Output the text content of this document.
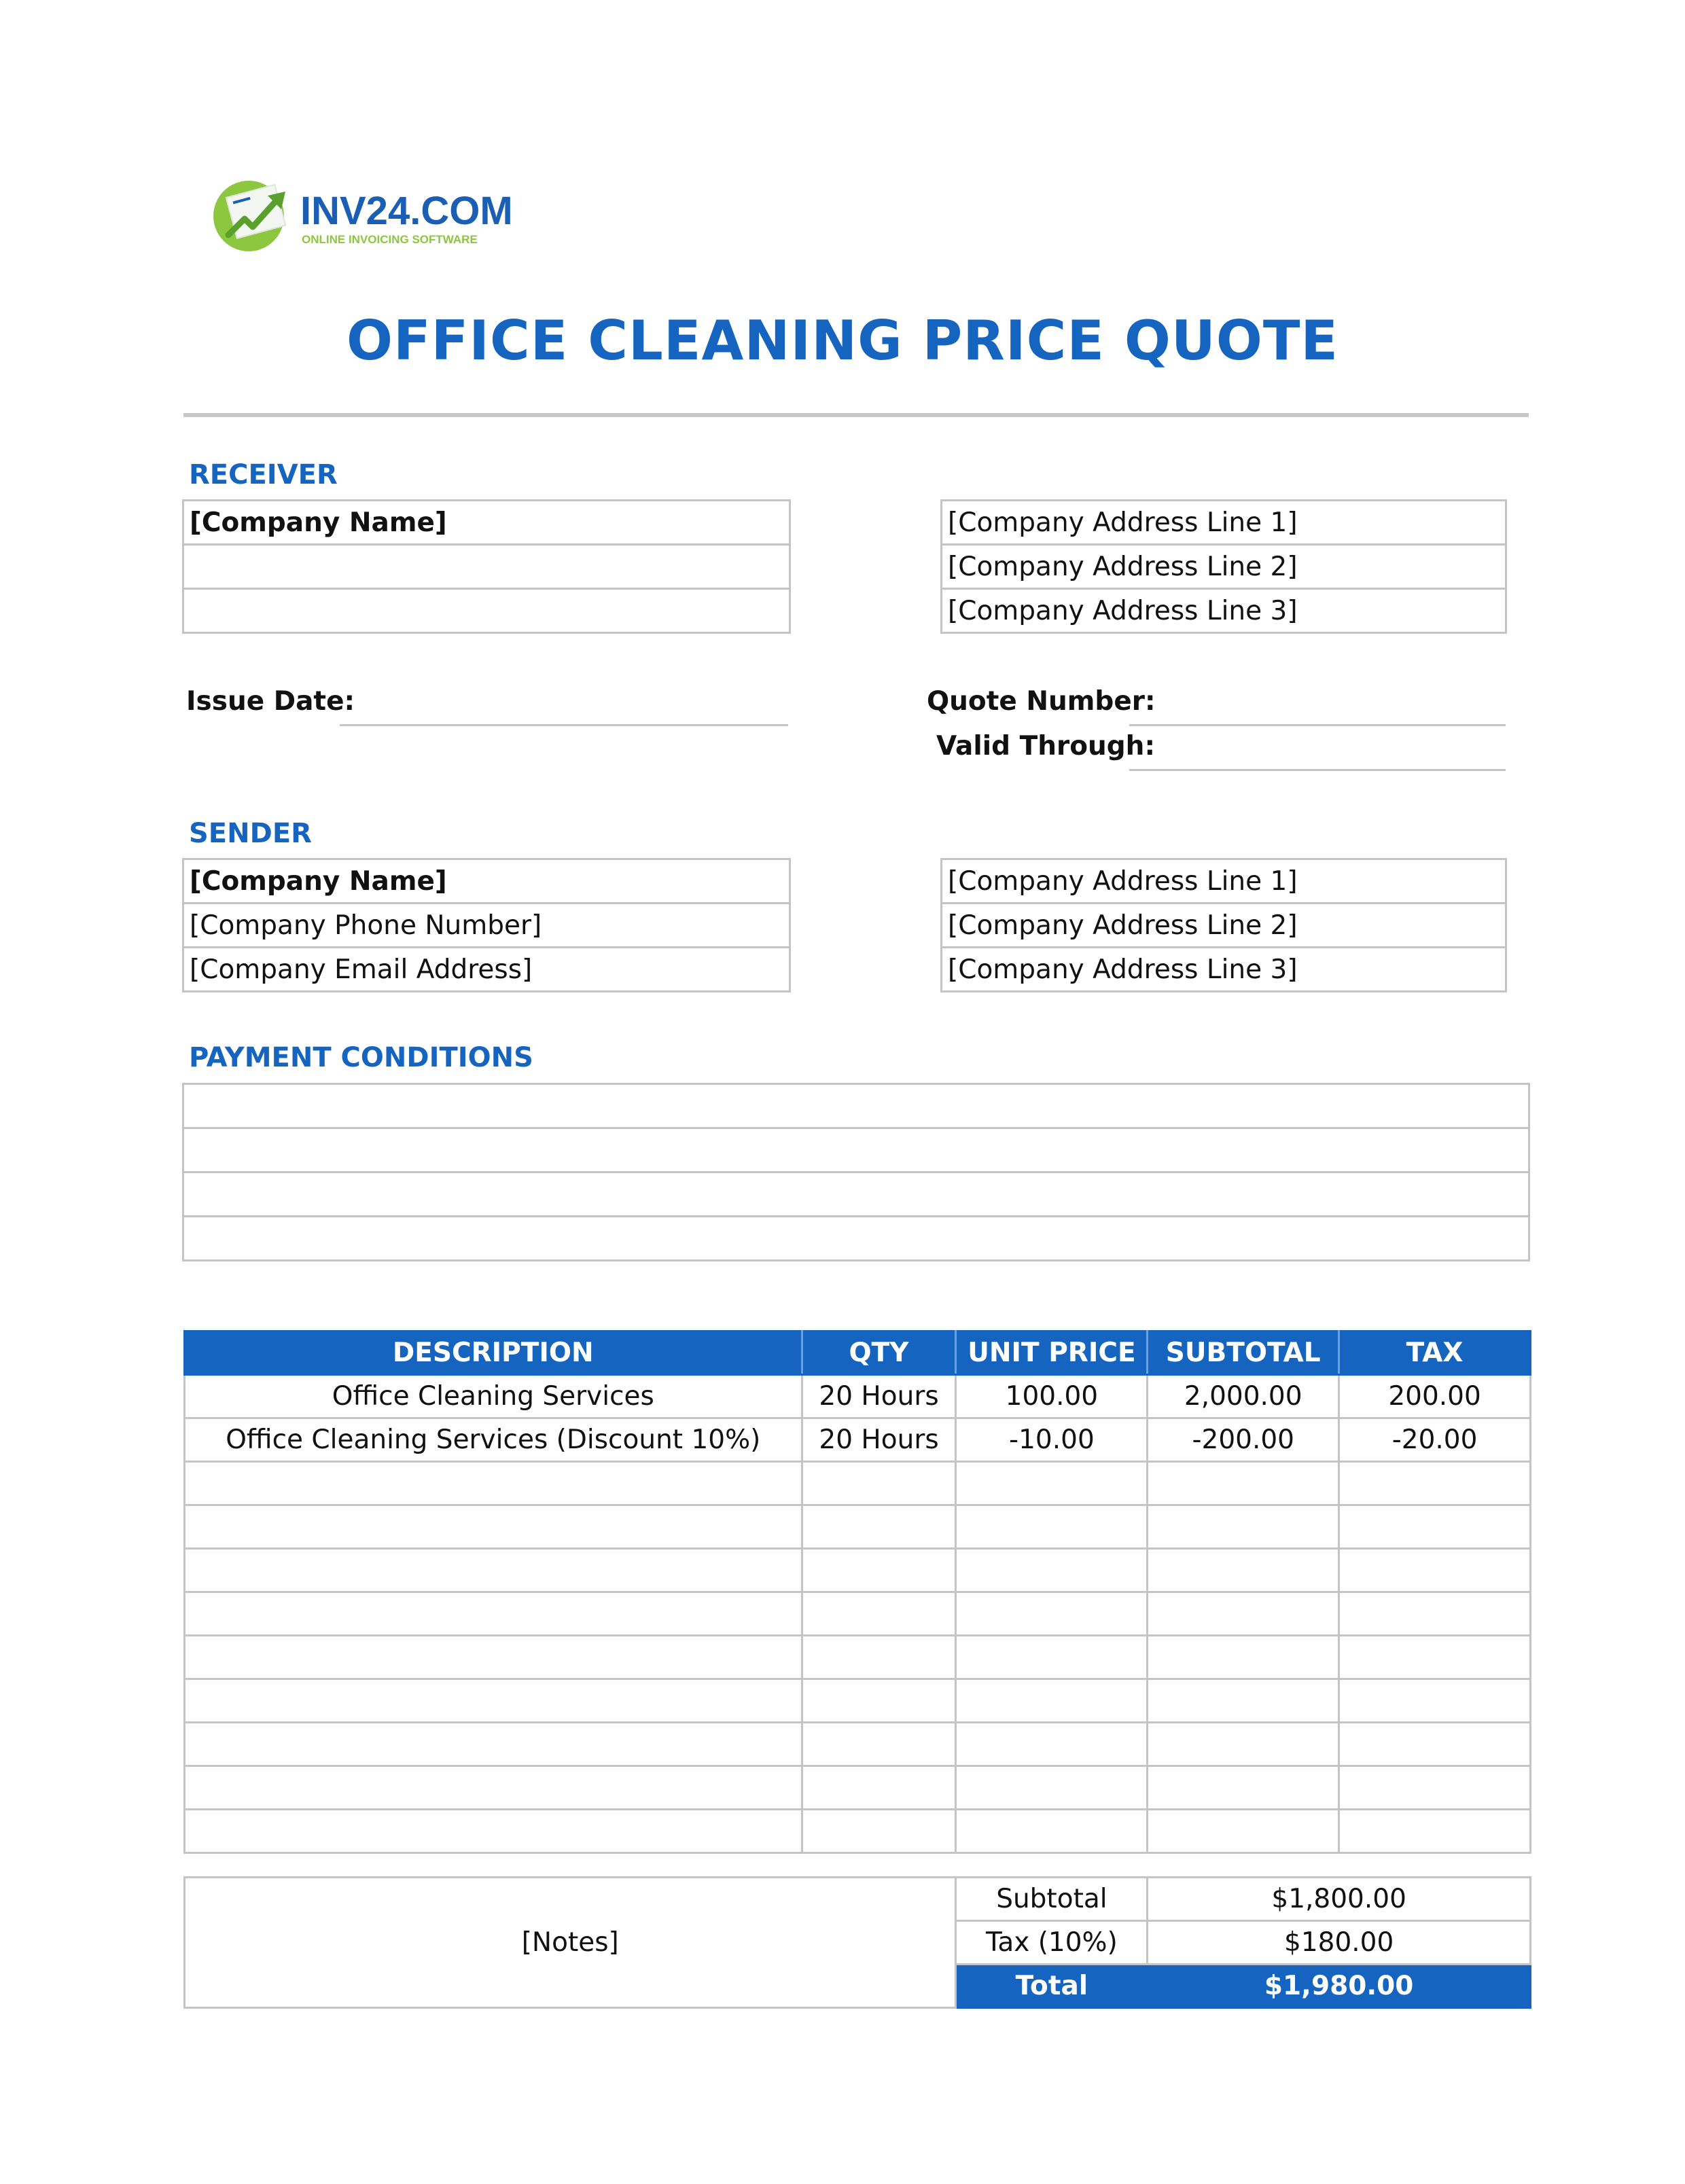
INV24.COM
ONLINE INVOICING SOFTWARE
OFFICE CLEANING PRICE QUOTE
RECEIVER
[Company Name]	[Company Address Line 1]
[Company Address Line 2]
[Company Address Line 3]
Issue Date:	Quote Number:
Valid Through:
SENDER
[Company Name]
[Company Phone Number]
[Company Email Address]
[Company Address Line 1]
[Company Address Line 2]
[Company Address Line 3]
PAYMENT CONDITIONS

DESCRIPTION	QTY	UNIT PRICE	SUBTOTAL	TAX
Office Cleaning Services	20 Hours	100.00	2,000.00	200.00
Office Cleaning Services (Discount 10%)	20 Hours	-10.00	-200.00	-20.00

[Notes]	Subtotal	$1,800.00
	Tax (10%)	$180.00
	Total	$1,980.00
